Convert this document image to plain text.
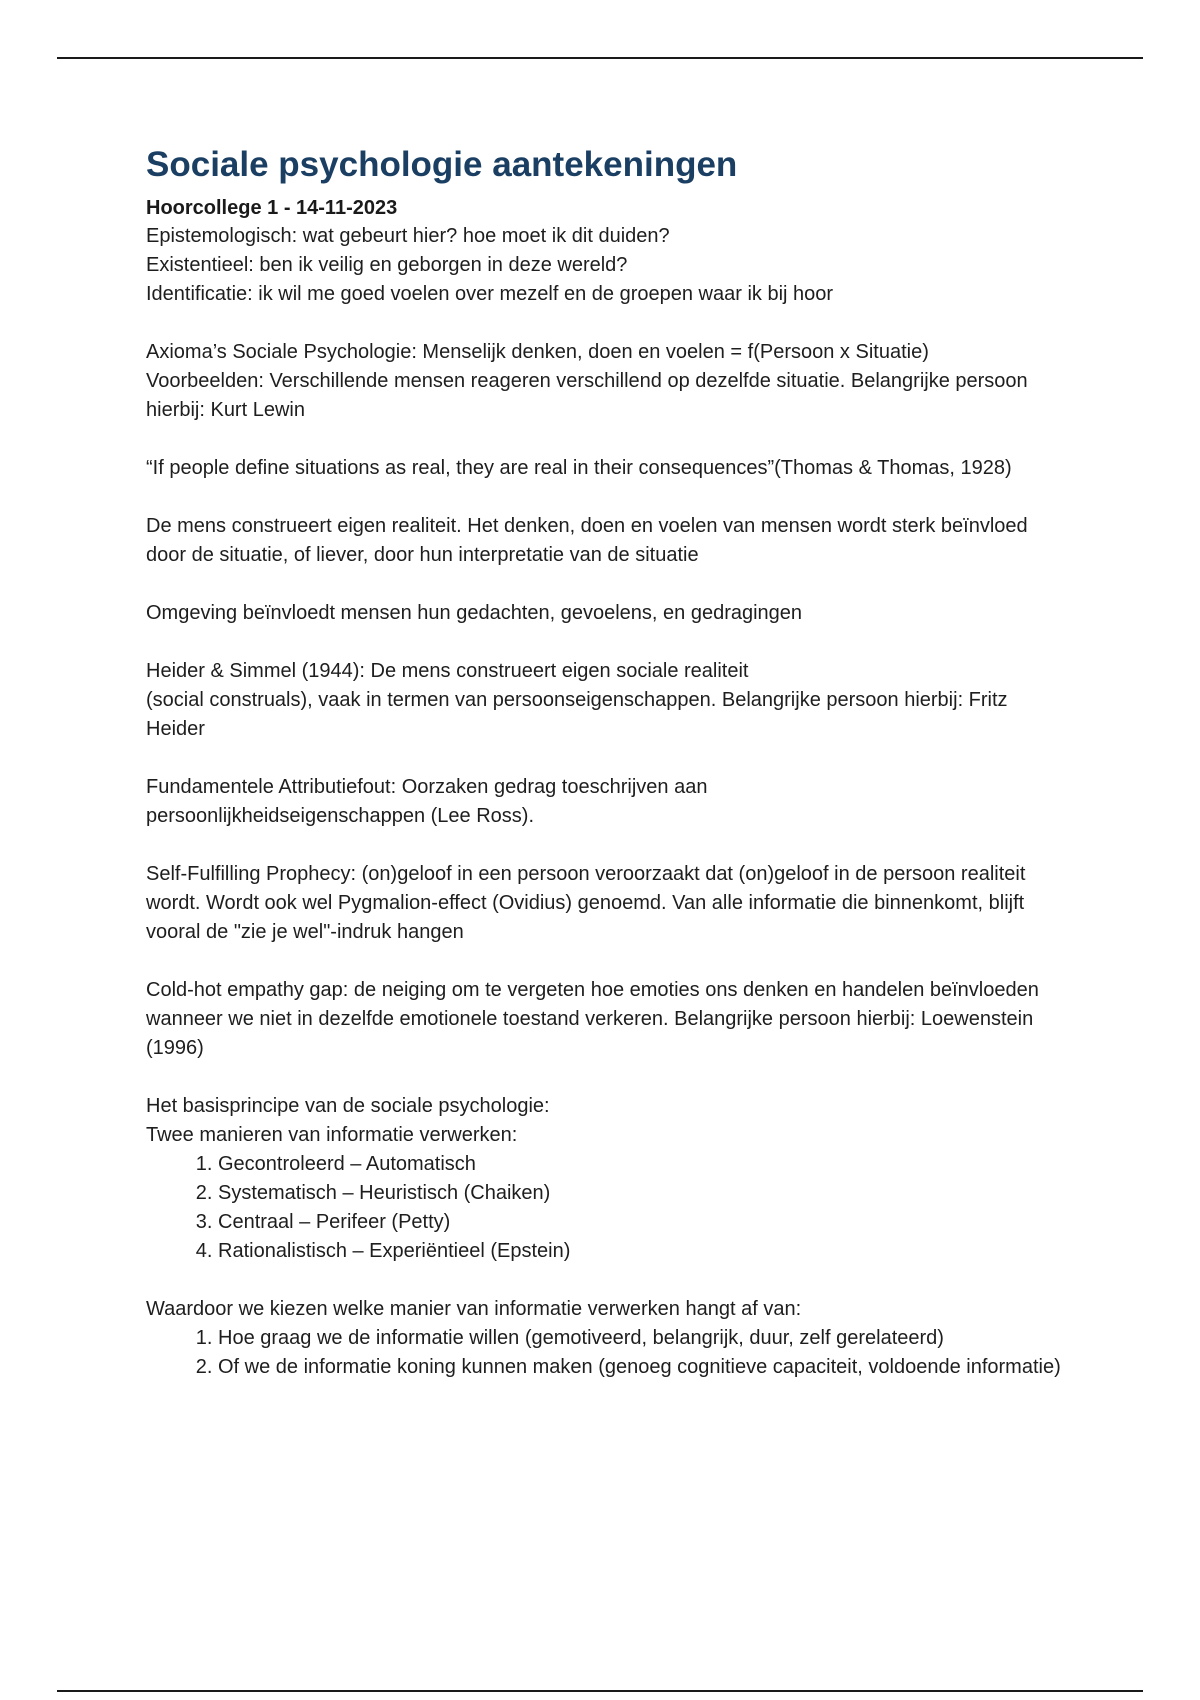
Sociale psychologie aantekeningen
Hoorcollege 1 - 14-11-2023

Epistemologisch: wat gebeurt hier? hoe moet ik dit duiden?

Existentieel: ben ik veilig en geborgen in deze wereld?

Identificatie: ik wil me goed voelen over mezelf en de groepen waar ik bij hoor

Axioma’s Sociale Psychologie: Menselijk denken, doen en voelen = f(Persoon x Situatie)

Voorbeelden: Verschillende mensen reageren verschillend op dezelfde situatie. Belangrijke persoon hierbij: Kurt Lewin

“If people define situations as real, they are real in their consequences”(Thomas & Thomas, 1928)

De mens construeert eigen realiteit. Het denken, doen en voelen van mensen wordt sterk beïnvloed door de situatie, of liever, door hun interpretatie van de situatie

Omgeving beïnvloedt mensen hun gedachten, gevoelens, en gedragingen

Heider & Simmel (1944): De mens construeert eigen sociale realiteit

(social construals), vaak in termen van persoonseigenschappen. Belangrijke persoon hierbij: Fritz Heider

Fundamentele Attributiefout: Oorzaken gedrag toeschrijven aan persoonlijkheidseigenschappen (Lee Ross).

Self-Fulfilling Prophecy: (on)geloof in een persoon veroorzaakt dat (on)geloof in de persoon realiteit wordt. Wordt ook wel Pygmalion-effect (Ovidius) genoemd. Van alle informatie die binnenkomt, blijft vooral de "zie je wel"-indruk hangen

Cold-hot empathy gap: de neiging om te vergeten hoe emoties ons denken en handelen beïnvloeden wanneer we niet in dezelfde emotionele toestand verkeren. Belangrijke persoon hierbij: Loewenstein (1996)

Het basisprincipe van de sociale psychologie:

Twee manieren van informatie verwerken:

1. Gecontroleerd – Automatisch
2. Systematisch – Heuristisch (Chaiken)
3. Centraal – Perifeer (Petty)
4. Rationalistisch – Experiëntieel (Epstein)

Waardoor we kiezen welke manier van informatie verwerken hangt af van:

1. Hoe graag we de informatie willen (gemotiveerd, belangrijk, duur, zelf gerelateerd)
2. Of we de informatie koning kunnen maken (genoeg cognitieve capaciteit, voldoende informatie)
